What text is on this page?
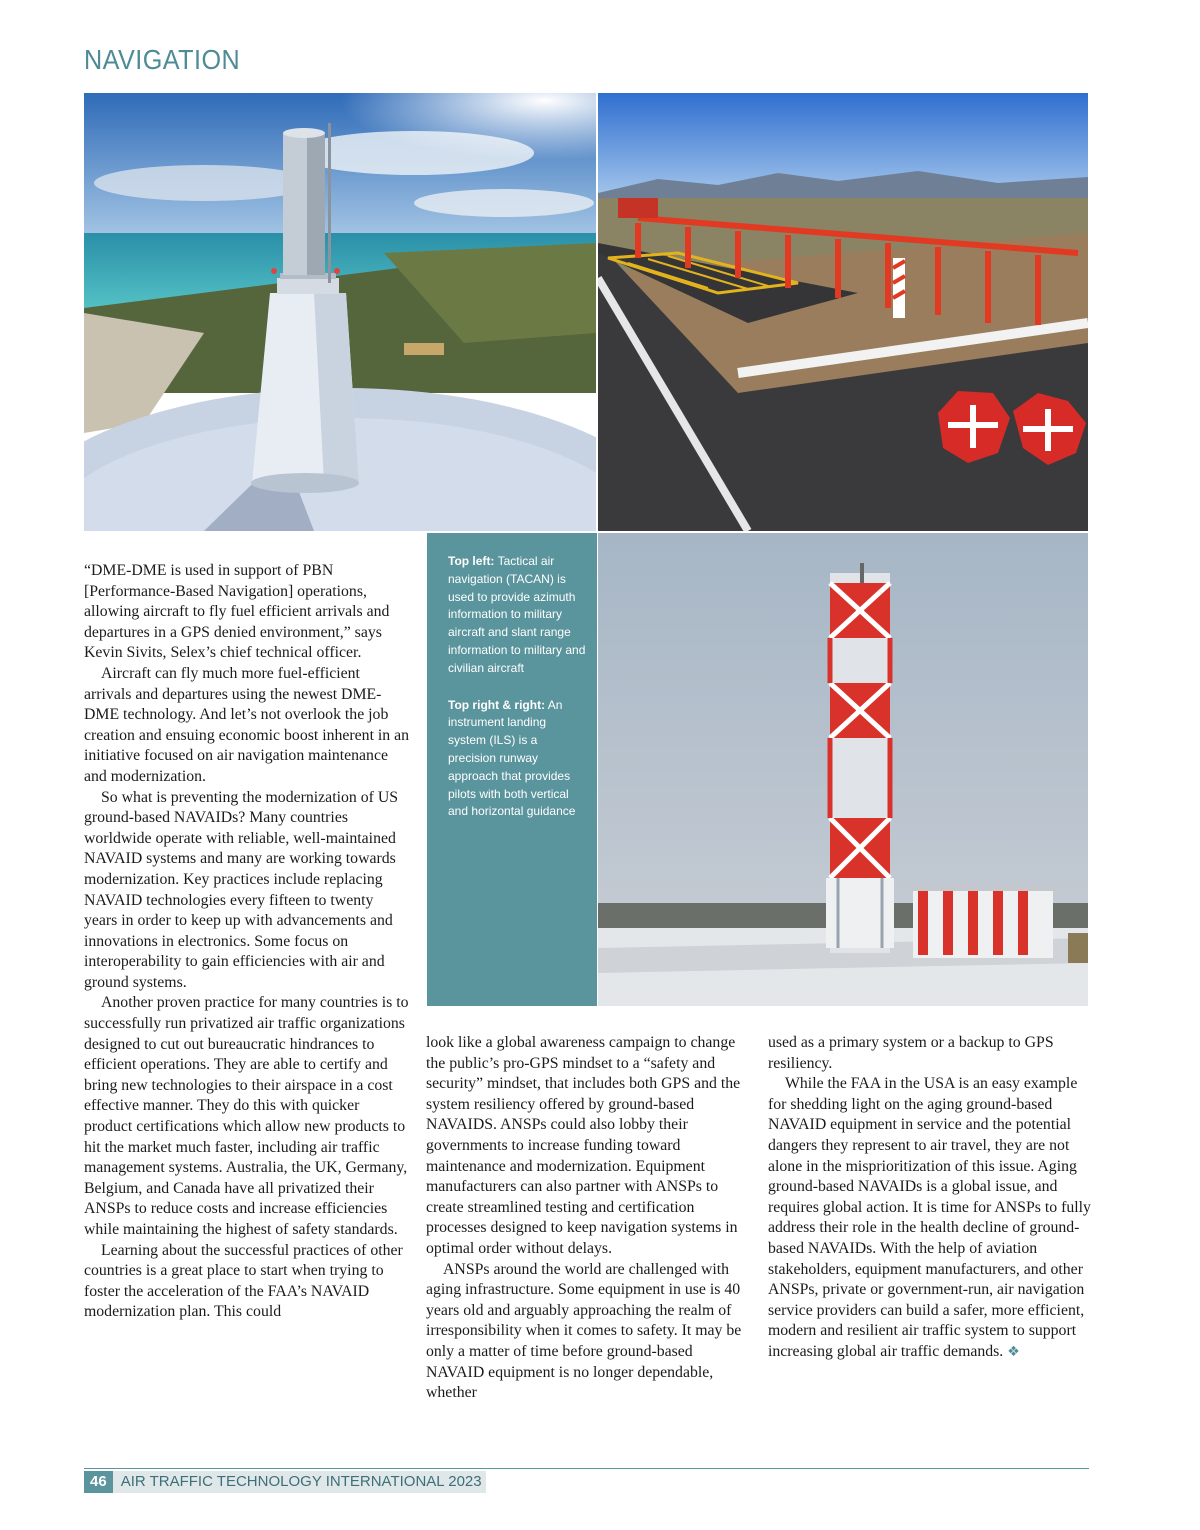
NAVIGATION

Top left: Tactical air navigation (TACAN) is used to provide azimuth information to military aircraft and slant range information to military and civilian aircraft

Top right & right: An instrument landing system (ILS) is a precision runway approach that provides pilots with both vertical and horizontal guidance

“DME-DME is used in support of PBN [Performance-Based Navigation] operations, allowing aircraft to fly fuel efficient arrivals and departures in a GPS denied environment,” says Kevin Sivits, Selex’s chief technical officer.

Aircraft can fly much more fuel-efficient arrivals and departures using the newest DME-DME technology. And let’s not overlook the job creation and ensuing economic boost inherent in an initiative focused on air navigation maintenance and modernization.

So what is preventing the modernization of US ground-based NAVAIDs? Many countries worldwide operate with reliable, well-maintained NAVAID systems and many are working towards modernization. Key practices include replacing NAVAID technologies every fifteen to twenty years in order to keep up with advancements and innovations in electronics. Some focus on interoperability to gain efficiencies with air and ground systems.

Another proven practice for many countries is to successfully run privatized air traffic organizations designed to cut out bureaucratic hindrances to efficient operations. They are able to certify and bring new technologies to their airspace in a cost effective manner. They do this with quicker product certifications which allow new products to hit the market much faster, including air traffic management systems. Australia, the UK, Germany, Belgium, and Canada have all privatized their ANSPs to reduce costs and increase efficiencies while maintaining the highest of safety standards.

Learning about the successful practices of other countries is a great place to start when trying to foster the acceleration of the FAA’s NAVAID modernization plan. This could

look like a global awareness campaign to change the public’s pro-GPS mindset to a “safety and security” mindset, that includes both GPS and the system resiliency offered by ground-based NAVAIDS. ANSPs could also lobby their governments to increase funding toward maintenance and modernization. Equipment manufacturers can also partner with ANSPs to create streamlined testing and certification processes designed to keep navigation systems in optimal order without delays.

ANSPs around the world are challenged with aging infrastructure. Some equipment in use is 40 years old and arguably approaching the realm of irresponsibility when it comes to safety. It may be only a matter of time before ground-based NAVAID equipment is no longer dependable, whether

used as a primary system or a backup to GPS resiliency.

While the FAA in the USA is an easy example for shedding light on the aging ground-based NAVAID equipment in service and the potential dangers they represent to air travel, they are not alone in the misprioritization of this issue. Aging ground-based NAVAIDs is a global issue, and requires global action. It is time for ANSPs to fully address their role in the health decline of ground-based NAVAIDs. With the help of aviation stakeholders, equipment manufacturers, and other ANSPs, private or government-run, air navigation service providers can build a safer, more efficient, modern and resilient air traffic system to support increasing global air traffic demands. ❖

46 AIR TRAFFIC TECHNOLOGY INTERNATIONAL 2023
